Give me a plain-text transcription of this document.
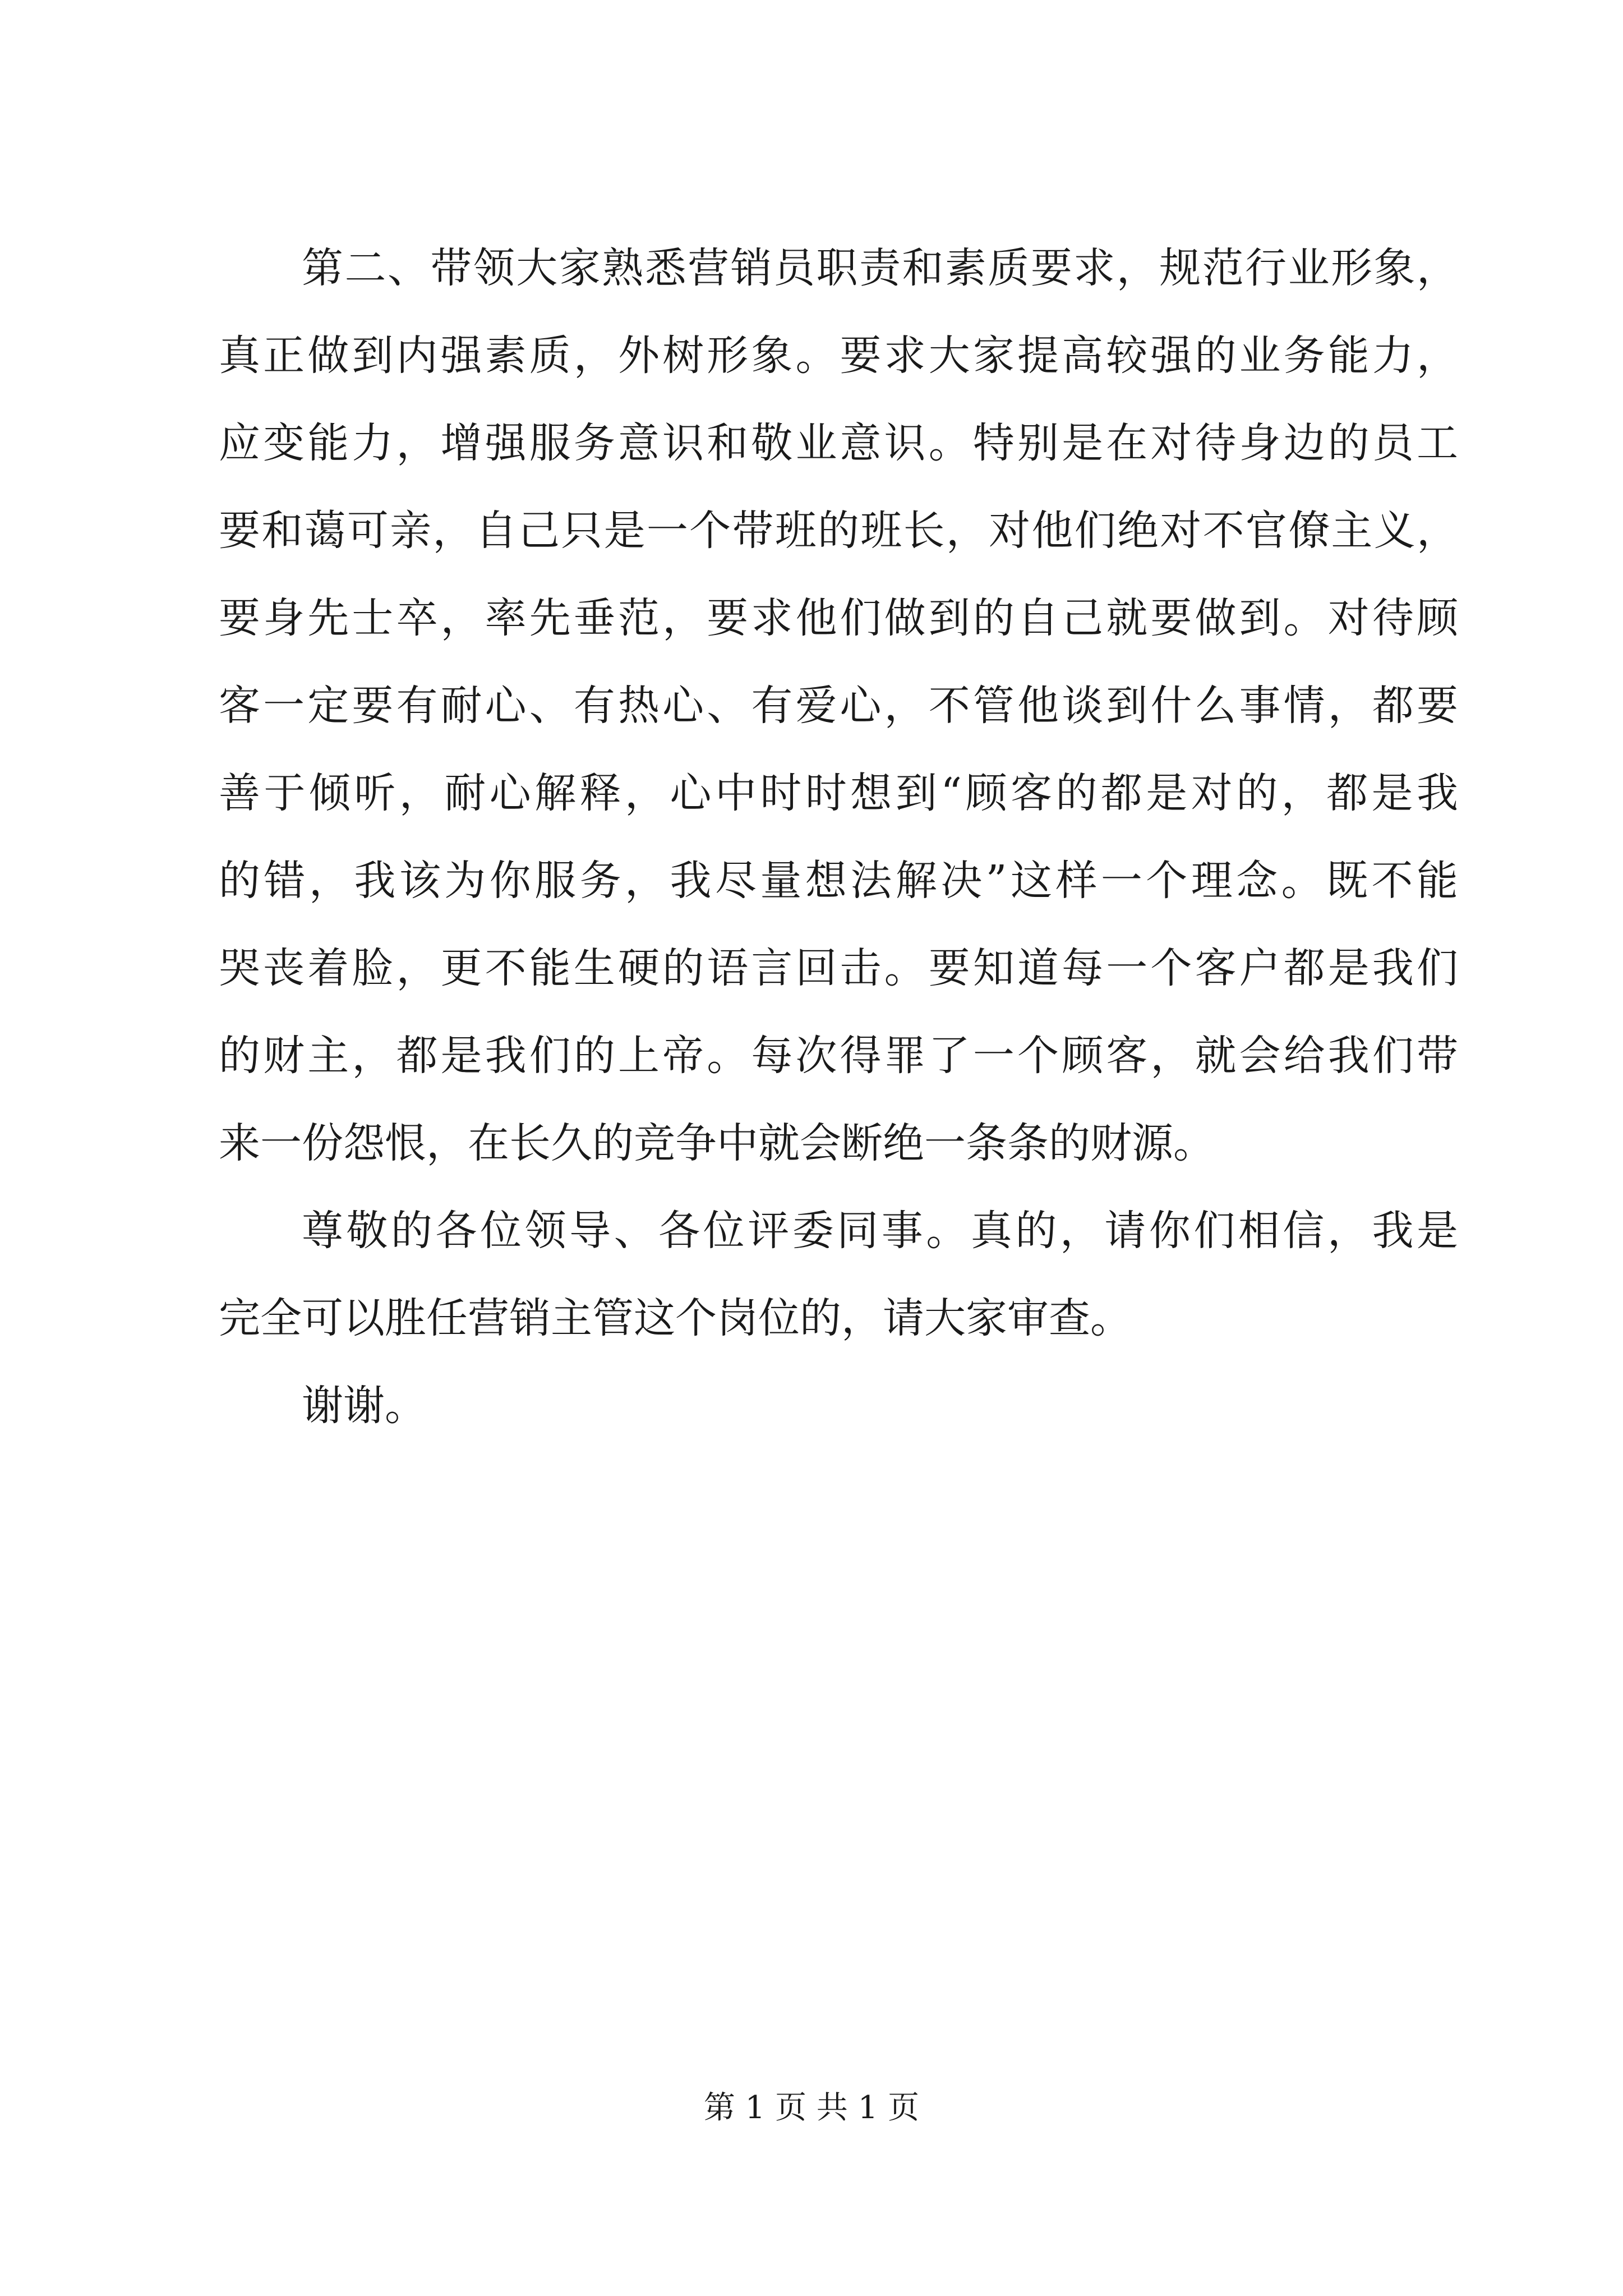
第二、带领大家熟悉营销员职责和素质要求，规范行业形象，
真正做到内强素质，外树形象。要求大家提高较强的业务能力，
应变能力，增强服务意识和敬业意识。特别是在对待身边的员工
要和蔼可亲，自己只是一个带班的班长，对他们绝对不官僚主义，
要身先士卒，率先垂范，要求他们做到的自己就要做到。对待顾
客一定要有耐心、有热心、有爱心，不管他谈到什么事情，都要
善于倾听，耐心解释，心中时时想到“顾客的都是对的，都是我
的错，我该为你服务，我尽量想法解决”这样一个理念。既不能
哭丧着脸，更不能生硬的语言回击。要知道每一个客户都是我们
的财主，都是我们的上帝。每次得罪了一个顾客，就会给我们带
来一份怨恨，在长久的竞争中就会断绝一条条的财源。
尊敬的各位领导、各位评委同事。真的，请你们相信，我是
完全可以胜任营销主管这个岗位的，请大家审查。
谢谢。
第 1 页 共 1 页
